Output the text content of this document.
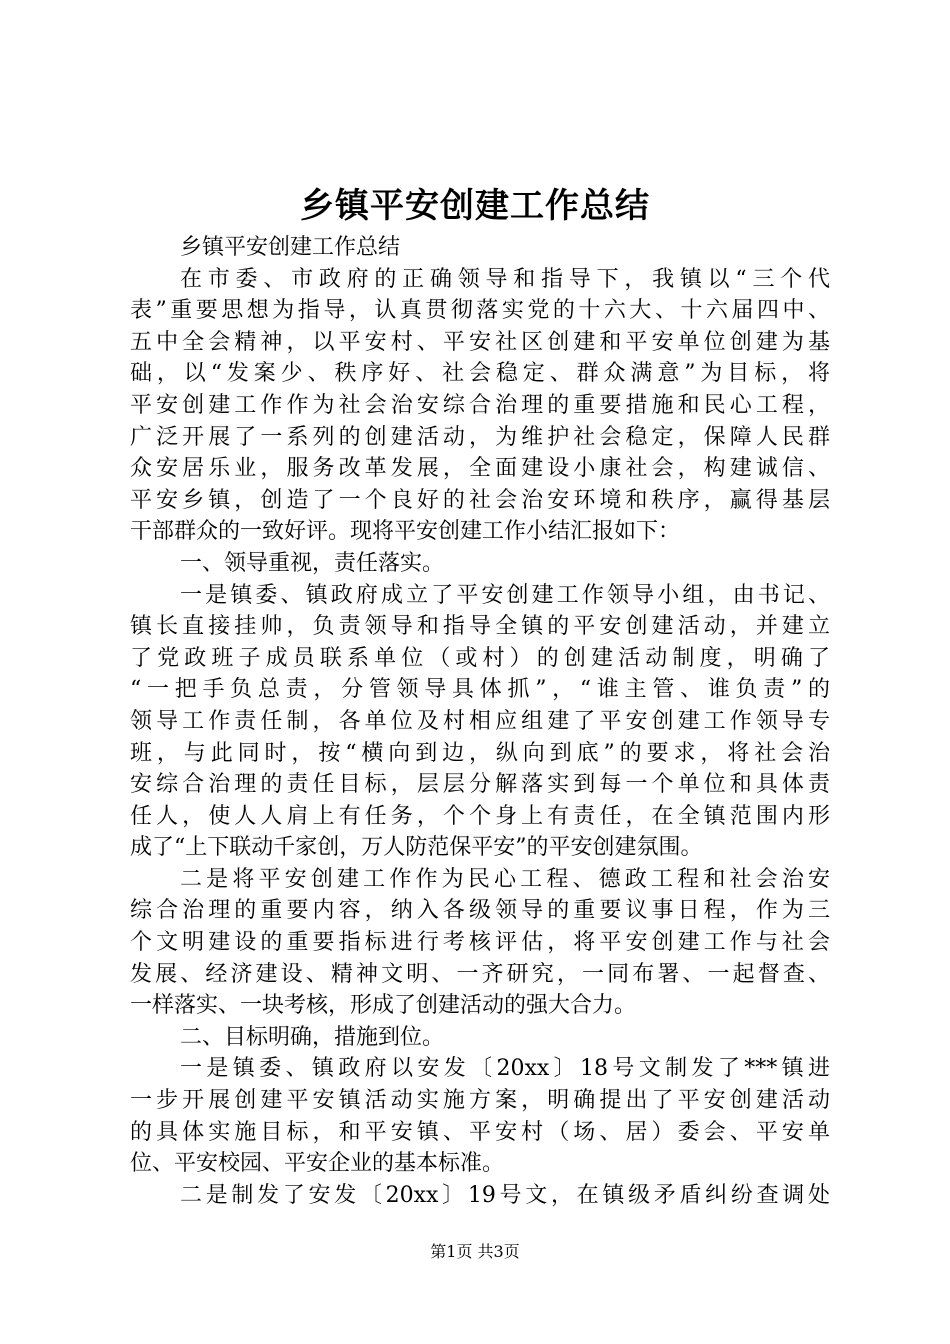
乡镇平安创建工作总结
乡镇平安创建工作总结
在市委、市政府的正确领导和指导下，我镇以“三个代
表”重要思想为指导，认真贯彻落实党的十六大、十六届四中、
五中全会精神，以平安村、平安社区创建和平安单位创建为基
础，以“发案少、秩序好、社会稳定、群众满意”为目标，将
平安创建工作作为社会治安综合治理的重要措施和民心工程，
广泛开展了一系列的创建活动，为维护社会稳定，保障人民群
众安居乐业，服务改革发展，全面建设小康社会，构建诚信、
平安乡镇，创造了一个良好的社会治安环境和秩序，赢得基层
干部群众的一致好评。现将平安创建工作小结汇报如下：
一、领导重视，责任落实。
一是镇委、镇政府成立了平安创建工作领导小组，由书记、
镇长直接挂帅，负责领导和指导全镇的平安创建活动，并建立
了党政班子成员联系单位（或村）的创建活动制度，明确了
“一把手负总责，分管领导具体抓”，“谁主管、谁负责”的
领导工作责任制，各单位及村相应组建了平安创建工作领导专
班，与此同时，按“横向到边，纵向到底”的要求，将社会治
安综合治理的责任目标，层层分解落实到每一个单位和具体责
任人，使人人肩上有任务，个个身上有责任，在全镇范围内形
成了“上下联动千家创，万人防范保平安”的平安创建氛围。
二是将平安创建工作作为民心工程、德政工程和社会治安
综合治理的重要内容，纳入各级领导的重要议事日程，作为三
个文明建设的重要指标进行考核评估，将平安创建工作与社会
发展、经济建设、精神文明、一齐研究，一同布署、一起督查、
一样落实、一块考核，形成了创建活动的强大合力。
二、目标明确，措施到位。
一是镇委、镇政府以安发〔20xx〕18号文制发了***镇进
一步开展创建平安镇活动实施方案，明确提出了平安创建活动
的具体实施目标，和平安镇、平安村（场、居）委会、平安单
位、平安校园、平安企业的基本标准。
二是制发了安发〔20xx〕19号文，在镇级矛盾纠纷查调处
第1页 共3页
